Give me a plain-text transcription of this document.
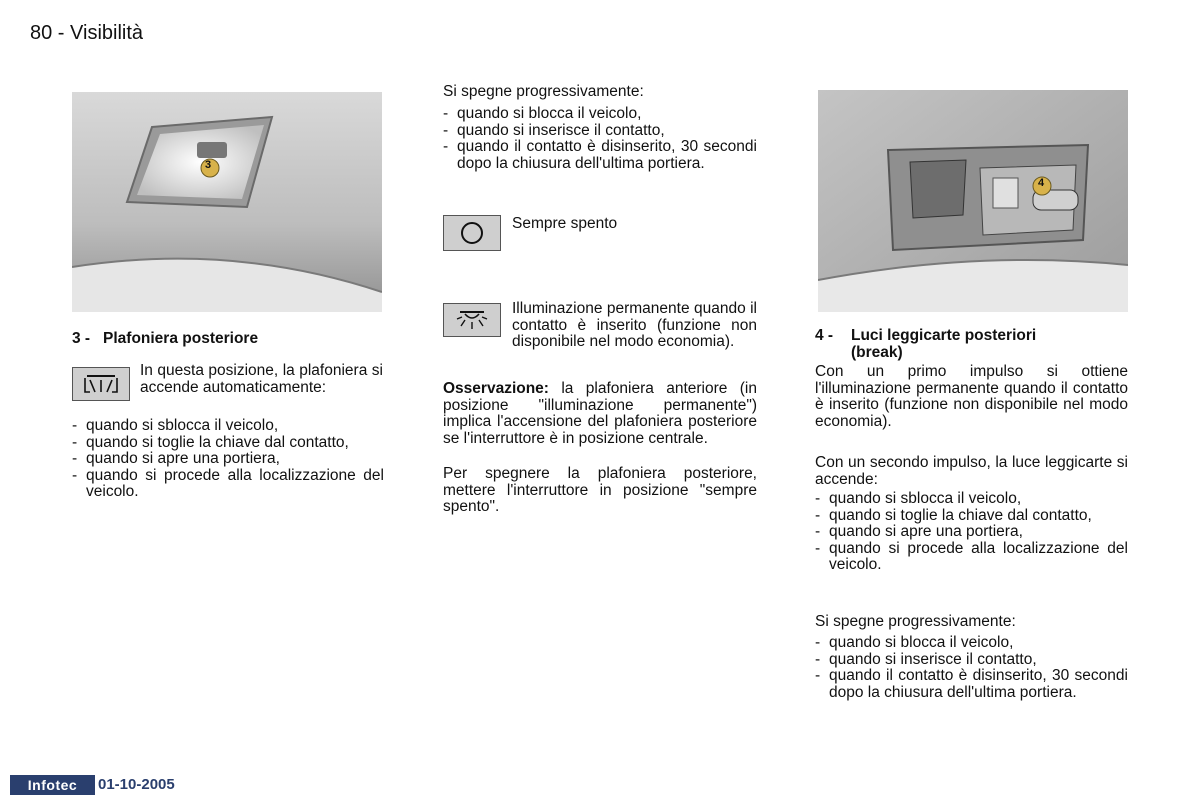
80 - Visibilità
3
3 - Plafoniera posteriore
In questa posizione, la plafoniera si accende automaticamente:
- quando si sblocca il veicolo,
- quando si toglie la chiave dal contatto,
- quando si apre una portiera,
- quando si procede alla localizzazione del veicolo.
Si spegne progressivamente:
- quando si blocca il veicolo,
- quando si inserisce il contatto,
- quando il contatto è disinserito, 30 secondi dopo la chiusura dell'ultima portiera.
Sempre spento
Illuminazione permanente quando il contatto è inserito (funzione non disponibile nel modo economia).
Osservazione: la plafoniera anteriore (in posizione "illuminazione permanente") implica l'accensione del plafoniera posteriore se l'interruttore è in posizione centrale.
Per spegnere la plafoniera posteriore, mettere l'interruttore in posizione "sempre spento".
4
4 - Luci leggicarte posteriori
(break)
Con un primo impulso si ottiene l'illuminazione permanente quando il contatto è inserito (funzione non disponibile nel modo economia).
Con un secondo impulso, la luce leggicarte si accende:
- quando si sblocca il veicolo,
- quando si toglie la chiave dal contatto,
- quando si apre una portiera,
- quando si procede alla localizzazione del veicolo.
Si spegne progressivamente:
- quando si blocca il veicolo,
- quando si inserisce il contatto,
- quando il contatto è disinserito, 30 secondi dopo la chiusura dell'ultima portiera.
Infotec	01-10-2005
